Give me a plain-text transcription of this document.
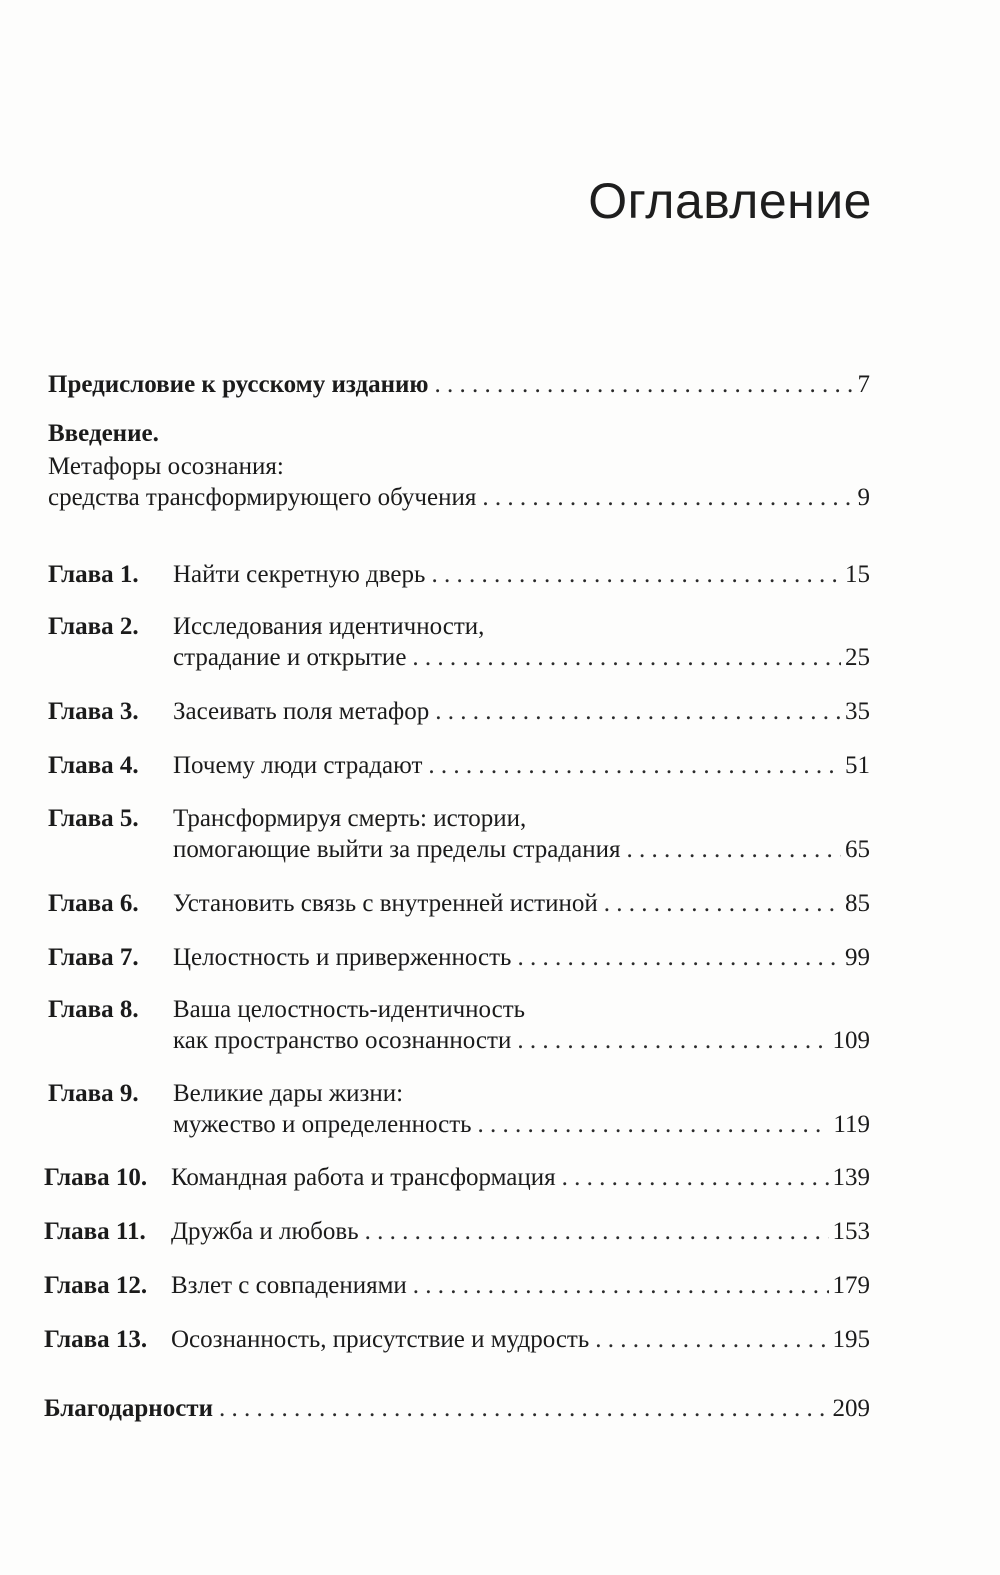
Оглавление
Предисловие к русскому изданию . . .	7
Введение.
Метафоры осознания:
средства трансформирующего обучения . . .	9
Глава 1. Найти секретную дверь . . .	15
Глава 2. Исследования идентичности,
страдание и открытие . . .	25
Глава 3. Засеивать поля метафор . . .	35
Глава 4. Почему люди страдают . . .	51
Глава 5. Трансформируя смерть: истории,
помогающие выйти за пределы страдания . . .	65
Глава 6. Установить связь с внутренней истиной . . .	85
Глава 7. Целостность и приверженность . . .	99
Глава 8. Ваша целостность-идентичность
как пространство осознанности . . .	109
Глава 9. Великие дары жизни:
мужество и определенность . . .	119
Глава 10. Командная работа и трансформация . . .	139
Глава 11. Дружба и любовь . . .	153
Глава 12. Взлет с совпадениями . . .	179
Глава 13. Осознанность, присутствие и мудрость . . .	195
Благодарности . . .	209
